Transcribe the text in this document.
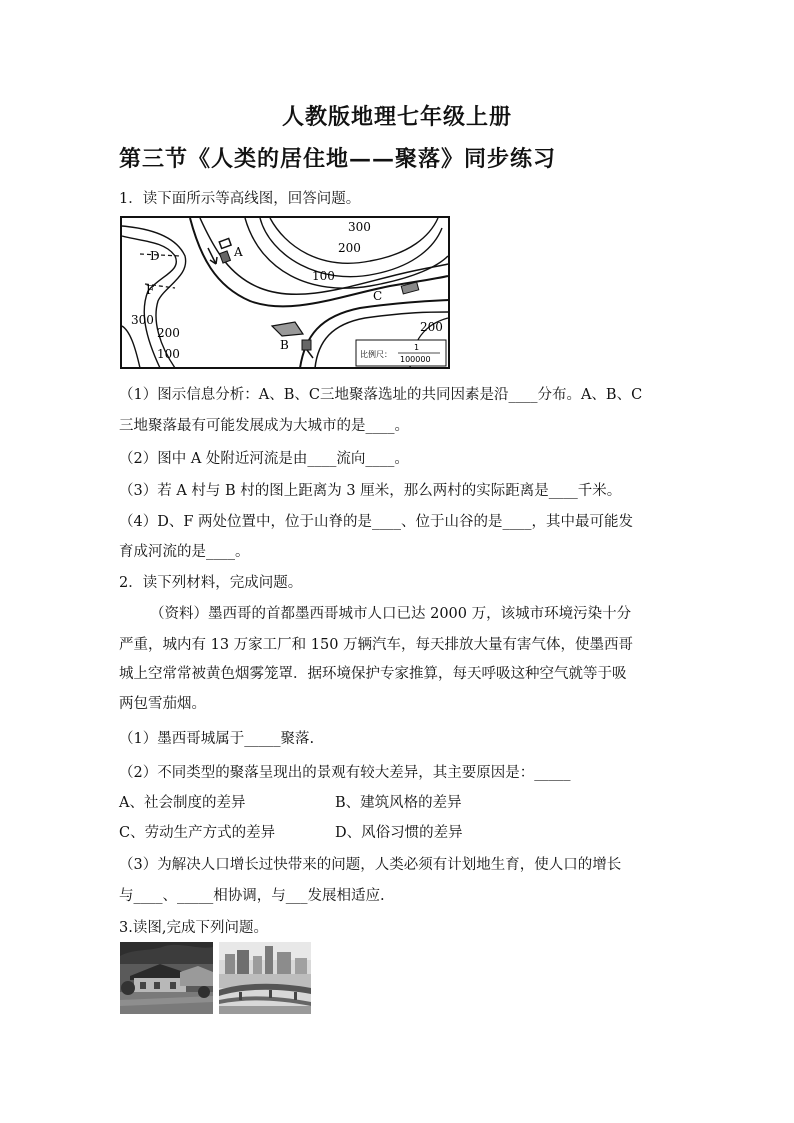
人教版地理七年级上册
第三节《人类的居住地——聚落》同步练习
1．读下面所示等高线图，回答问题。
300
200
100
300
200
100
200
A
B
C
D
F
比例尺：
1
100000
（1）图示信息分析：A、B、C三地聚落选址的共同因素是沿____分布。A、B、C
三地聚落最有可能发展成为大城市的是____。
（2）图中 A 处附近河流是由____流向____。
（3）若 A 村与 B 村的图上距离为 3 厘米，那么两村的实际距离是____千米。
（4）D、F 两处位置中，位于山脊的是____、位于山谷的是____，其中最可能发
育成河流的是____。
2．读下列材料，完成问题。
（资料）墨西哥的首都墨西哥城市人口已达 2000 万，该城市环境污染十分
严重，城内有 13 万家工厂和 150 万辆汽车，每天排放大量有害气体，使墨西哥
城上空常常被黄色烟雾笼罩．据环境保护专家推算，每天呼吸这种空气就等于吸
两包雪茄烟。
（1）墨西哥城属于_____聚落.
（2）不同类型的聚落呈现出的景观有较大差异，其主要原因是：_____
A、社会制度的差异	B、建筑风格的差异
C、劳动生产方式的差异	D、风俗习惯的差异
（3）为解决人口增长过快带来的问题，人类必须有计划地生育，使人口的增长
与____、_____相协调，与___发展相适应.
3.读图,完成下列问题。
